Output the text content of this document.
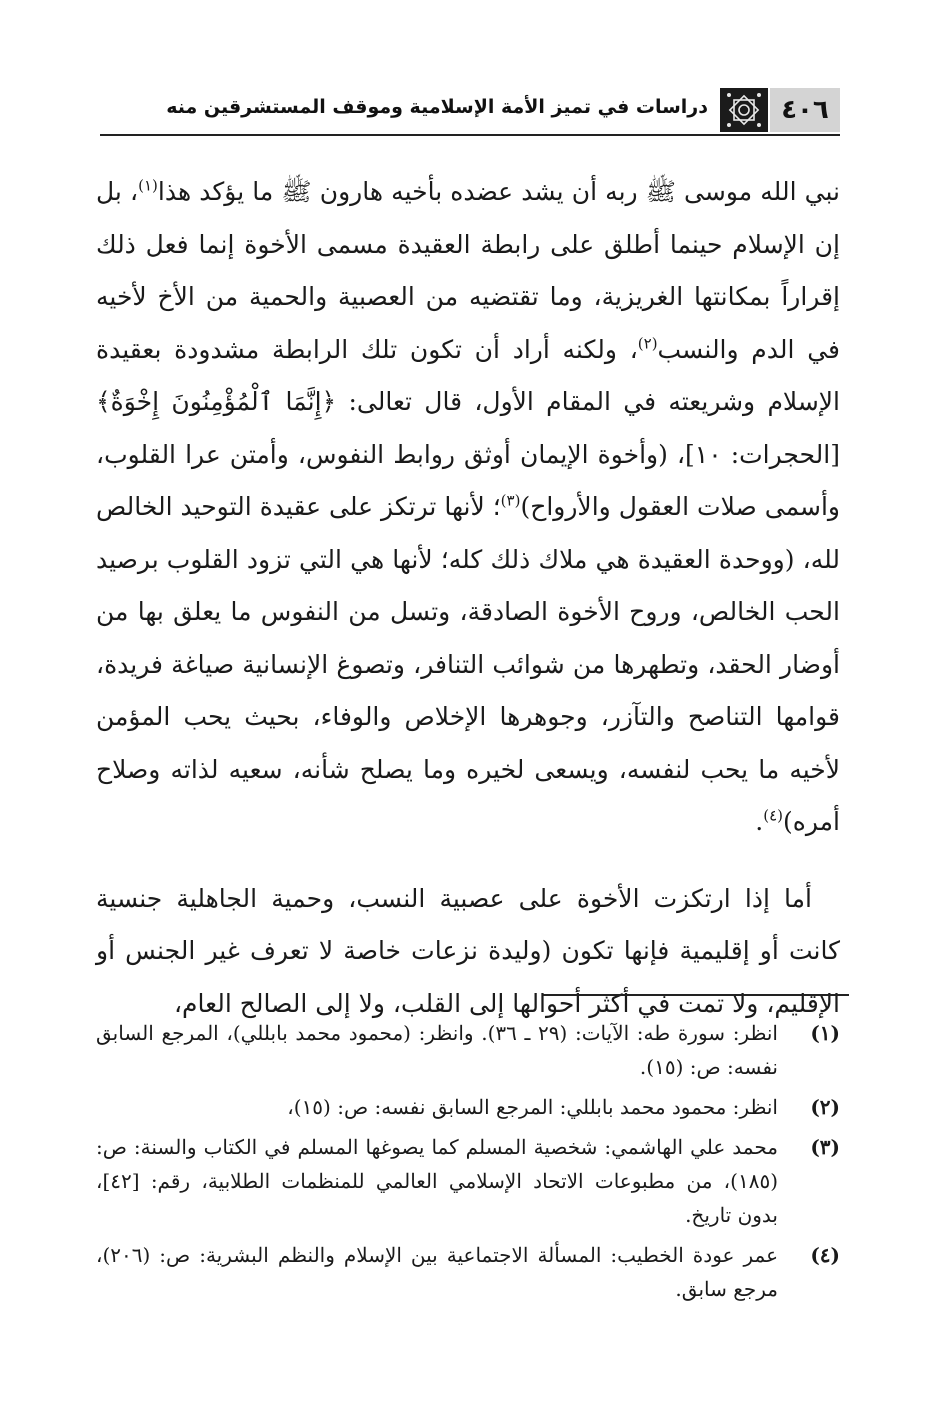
٤٠٦
دراسات في تميز الأمة الإسلامية وموقف المستشرقين منه

نبي الله موسى ﷺ ربه أن يشد عضده بأخيه هارون ﷺ ما يؤكد هذا$^{(١)}$، بل إن الإسلام حينما أطلق على رابطة العقيدة مسمى الأخوة إنما فعل ذلك إقراراً بمكانتها الغريزية، وما تقتضيه من العصبية والحمية من الأخ لأخيه في الدم والنسب$^{(٢)}$، ولكنه أراد أن تكون تلك الرابطة مشدودة بعقيدة الإسلام وشريعته في المقام الأول، قال تعالى: ﴿إِنَّمَا ٱلْمُؤْمِنُونَ إِخْوَةٌ﴾ [الحجرات: ١٠]، (وأخوة الإيمان أوثق روابط النفوس، وأمتن عرا القلوب، وأسمى صلات العقول والأرواح)$^{(٣)}$؛ لأنها ترتكز على عقيدة التوحيد الخالص لله، (ووحدة العقيدة هي ملاك ذلك كله؛ لأنها هي التي تزود القلوب برصيد الحب الخالص، وروح الأخوة الصادقة، وتسل من النفوس ما يعلق بها من أوضار الحقد، وتطهرها من شوائب التنافر، وتصوغ الإنسانية صياغة فريدة، قوامها التناصح والتآزر، وجوهرها الإخلاص والوفاء، بحيث يحب المؤمن لأخيه ما يحب لنفسه، ويسعى لخيره وما يصلح شأنه، سعيه لذاته وصلاح أمره)$^{(٤)}$.

أما إذا ارتكزت الأخوة على عصبية النسب، وحمية الجاهلية جنسية كانت أو إقليمية فإنها تكون (وليدة نزعات خاصة لا تعرف غير الجنس أو الإقليم، ولا تمت في أكثر أحوالها إلى القلب، ولا إلى الصالح العام،

(١)
انظر: سورة طه: الآيات: (٢٩ ـ ٣٦). وانظر: (محمود محمد بابللي)، المرجع السابق نفسه: ص: (١٥).
(٢)
انظر: محمود محمد بابللي: المرجع السابق نفسه: ص: (١٥)،
(٣)
محمد علي الهاشمي: شخصية المسلم كما يصوغها المسلم في الكتاب والسنة: ص: (١٨٥)، من مطبوعات الاتحاد الإسلامي العالمي للمنظمات الطلابية، رقم: [٤٢]، بدون تاريخ.
(٤)
عمر عودة الخطيب: المسألة الاجتماعية بين الإسلام والنظم البشرية: ص: (٢٠٦)، مرجع سابق.
